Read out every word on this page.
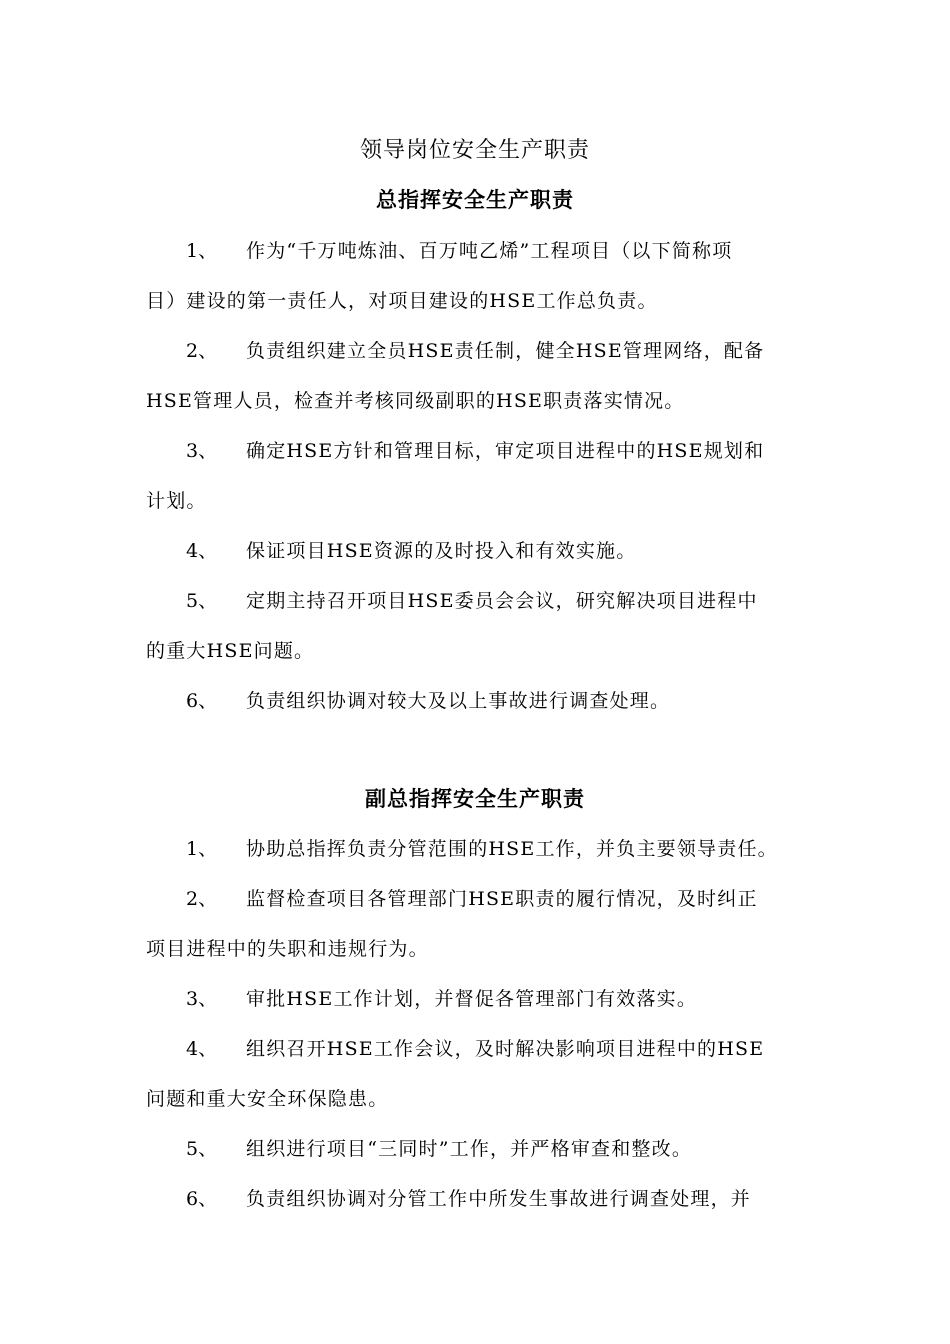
领导岗位安全生产职责
总指挥安全生产职责
1、	作为“千万吨炼油、百万吨乙烯”工程项目（以下简称项
目）建设的第一责任人，对项目建设的HSE工作总负责。
2、	负责组织建立全员HSE责任制，健全HSE管理网络，配备
HSE管理人员，检查并考核同级副职的HSE职责落实情况。
3、	确定HSE方针和管理目标，审定项目进程中的HSE规划和
计划。
4、	保证项目HSE资源的及时投入和有效实施。
5、	定期主持召开项目HSE委员会会议，研究解决项目进程中
的重大HSE问题。
6、	负责组织协调对较大及以上事故进行调查处理。
副总指挥安全生产职责
1、	协助总指挥负责分管范围的HSE工作，并负主要领导责任。
2、	监督检查项目各管理部门HSE职责的履行情况，及时纠正
项目进程中的失职和违规行为。
3、	审批HSE工作计划，并督促各管理部门有效落实。
4、	组织召开HSE工作会议，及时解决影响项目进程中的HSE
问题和重大安全环保隐患。
5、	组织进行项目“三同时”工作，并严格审查和整改。
6、	负责组织协调对分管工作中所发生事故进行调查处理，并
